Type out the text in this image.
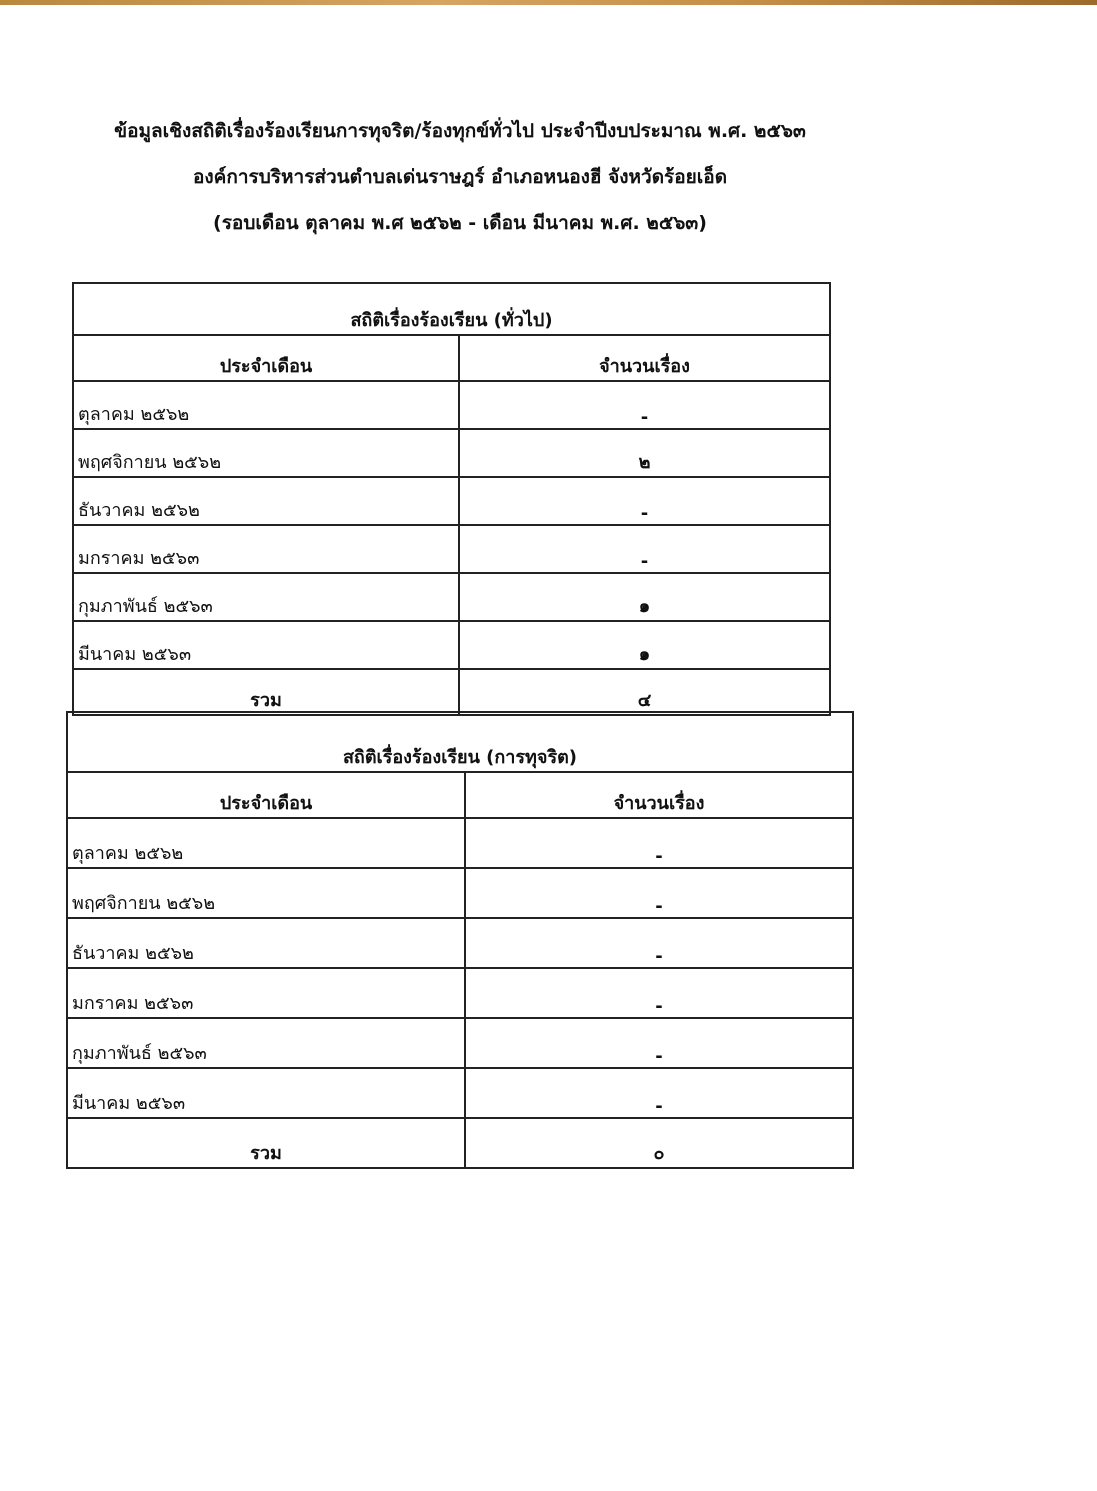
ข้อมูลเชิงสถิติเรื่องร้องเรียนการทุจริต/ร้องทุกข์ทั่วไป ประจำปีงบประมาณ พ.ศ. ๒๕๖๓
องค์การบริหารส่วนตำบลเด่นราษฎร์ อำเภอหนองฮี จังหวัดร้อยเอ็ด
(รอบเดือน ตุลาคม พ.ศ ๒๕๖๒ - เดือน มีนาคม พ.ศ. ๒๕๖๓)
สถิติเรื่องร้องเรียน (ทั่วไป)	
ประจำเดือน	จำนวนเรื่อง
ตุลาคม ๒๕๖๒	-
พฤศจิกายน ๒๕๖๒	๒
ธันวาคม ๒๕๖๒	-
มกราคม ๒๕๖๓	-
กุมภาพันธ์ ๒๕๖๓	๑
มีนาคม ๒๕๖๓	๑
รวม	๔
สถิติเรื่องร้องเรียน (การทุจริต)	
ประจำเดือน	จำนวนเรื่อง
ตุลาคม ๒๕๖๒	-
พฤศจิกายน ๒๕๖๒	-
ธันวาคม ๒๕๖๒	-
มกราคม ๒๕๖๓	-
กุมภาพันธ์ ๒๕๖๓	-
มีนาคม ๒๕๖๓	-
รวม	๐
